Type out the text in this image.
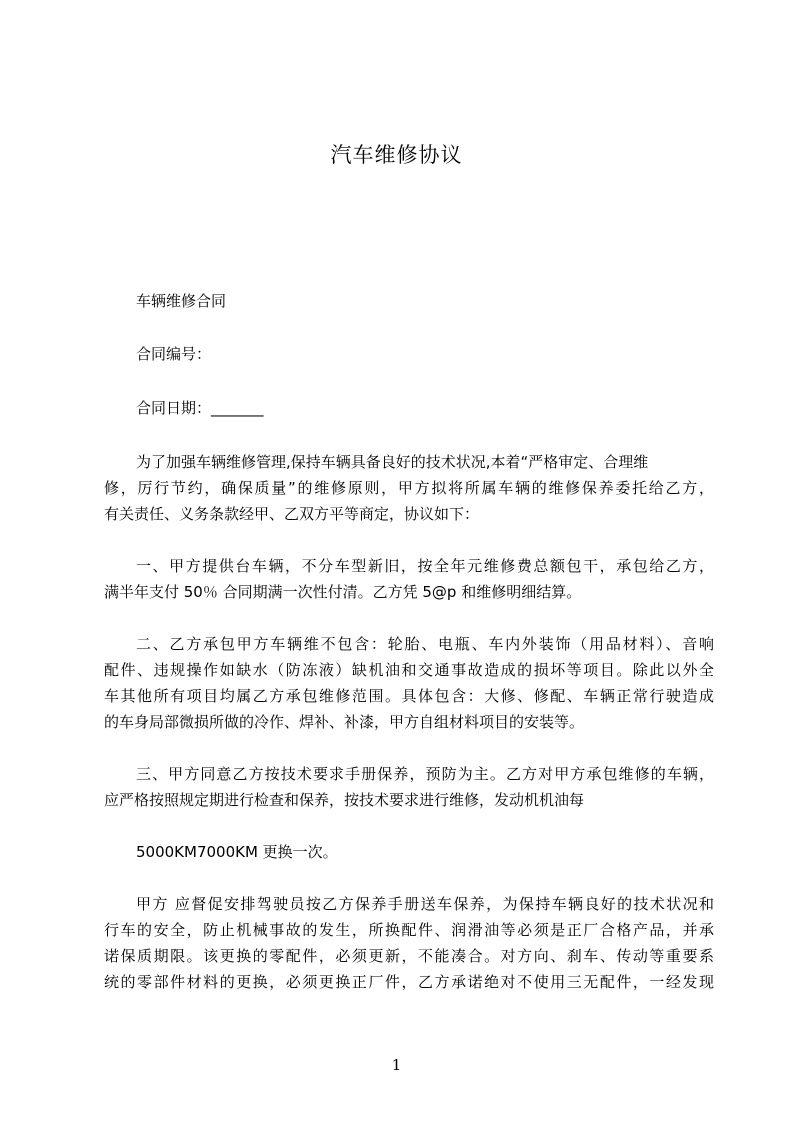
汽车维修协议
车辆维修合同
合同编号：
合同日期：_______
为了加强车辆维修管理,保持车辆具备良好的技术状况,本着“严格审定、合理维
修，厉行节约，确保质量”的维修原则，甲方拟将所属车辆的维修保养委托给乙方，
有关责任、义务条款经甲、乙双方平等商定，协议如下：
一、甲方提供台车辆，不分车型新旧，按全年元维修费总额包干，承包给乙方，
满半年支付 50％ 合同期满一次性付清。乙方凭 5@p 和维修明细结算。
二、乙方承包甲方车辆维不包含：轮胎、电瓶、车内外装饰（用品材料）、音响
配件、违规操作如缺水（防冻液）缺机油和交通事故造成的损坏等项目。除此以外全
车其他所有项目均属乙方承包维修范围。具体包含：大修、修配、车辆正常行驶造成
的车身局部微损所做的冷作、焊补、补漆，甲方自组材料项目的安装等。
三、甲方同意乙方按技术要求手册保养，预防为主。乙方对甲方承包维修的车辆，
应严格按照规定期进行检查和保养，按技术要求进行维修，发动机机油每
5000KM7000KM 更换一次。
甲方 应督促安排驾驶员按乙方保养手册送车保养，为保持车辆良好的技术状况和
行车的安全，防止机械事故的发生，所换配件、润滑油等必须是正厂合格产品，并承
诺保质期限。该更换的零配件，必须更新，不能凑合。对方向、刹车、传动等重要系
统的零部件材料的更换，必须更换正厂件，乙方承诺绝对不使用三无配件，一经发现
1
